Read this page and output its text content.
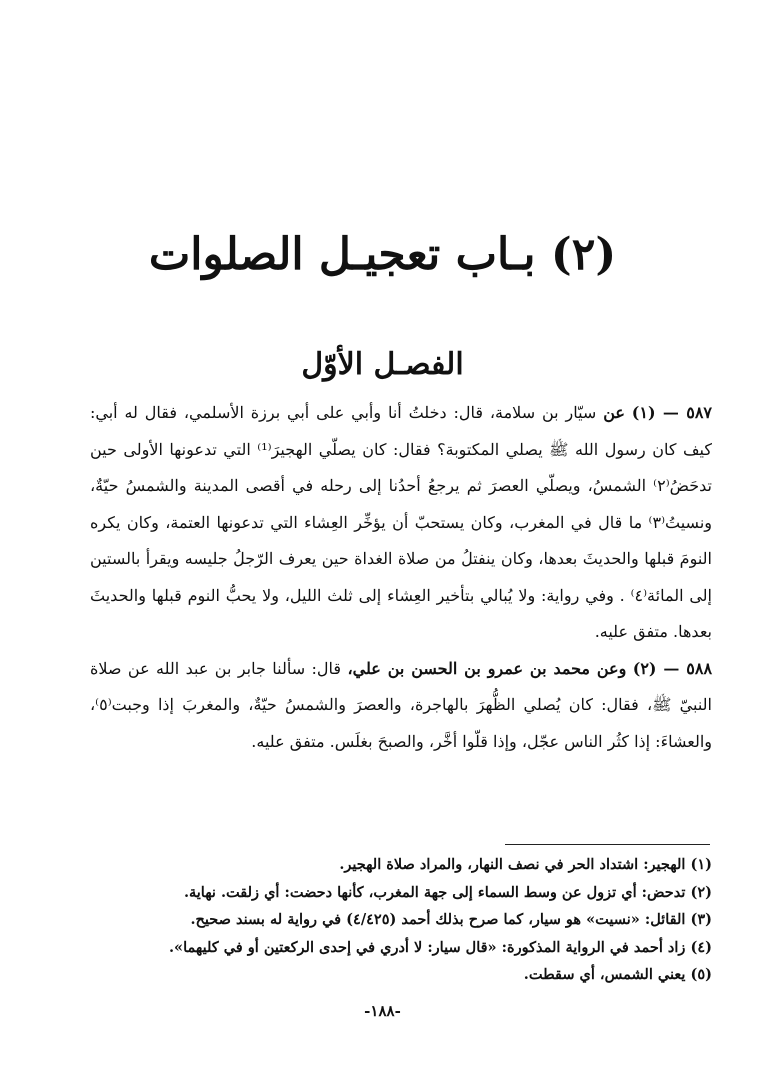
(٢) بـاب تعجيـل الصلوات
الفصـل الأوّل

٥٨٧ — (١) عن سيّار بن سلامة، قال: دخلتُ أنا وأبي على أبي برزة الأسلمي، فقال له أبي: كيف كان رسول الله ﷺ يصلي المكتوبة؟ فقال: كان يصلّي الهجيرَ⁽¹⁾ التي تدعونها الأولى حين تدحَضُ⁽٢⁾ الشمسُ، ويصلّي العصرَ ثم يرجعُ أحدُنا إلى رحله في أقصى المدينة والشمسُ حيّةٌ، ونسيتُ⁽٣⁾ ما قال في المغرب، وكان يستحبّ أن يؤخِّر العِشاء التي تدعونها العتمة، وكان يكره النومَ قبلها والحديثَ بعدها، وكان ينفتلُ من صلاة الغداة حين يعرف الرّجلُ جليسه ويقرأ بالستين إلى المائة⁽٤⁾ . وفي رواية: ولا يُبالي بتأخير العِشاء إلى ثلث الليل، ولا يحبُّ النوم قبلها والحديثَ بعدها. متفق عليه.

٥٨٨ — (٢) وعن محمد بن عمرو بن الحسن بن علي، قال: سألنا جابر بن عبد الله عن صلاة النبيّ ﷺ، فقال: كان يُصلي الظُّهرَ بالهاجرة، والعصرَ والشمسُ حيّةٌ، والمغربَ إذا وجبت⁽٥⁾، والعشاءَ: إذا كثُر الناس عجّل، وإذا قلّوا أخَّر، والصبحَ بغلَس. متفق عليه.

(١) الهجير: اشتداد الحر في نصف النهار، والمراد صلاة الهجير.

(٢) تدحض: أي تزول عن وسط السماء إلى جهة المغرب، كأنها دحضت: أي زلقت. نهاية.

(٣) القائل: «نسيت» هو سيار، كما صرح بذلك أحمد (٤/٤٢٥) في رواية له بسند صحيح.

(٤) زاد أحمد في الرواية المذكورة: «قال سيار: لا أدري في إحدى الركعتين أو في كليهما».

(٥) يعني الشمس، أي سقطت.

-١٨٨-
